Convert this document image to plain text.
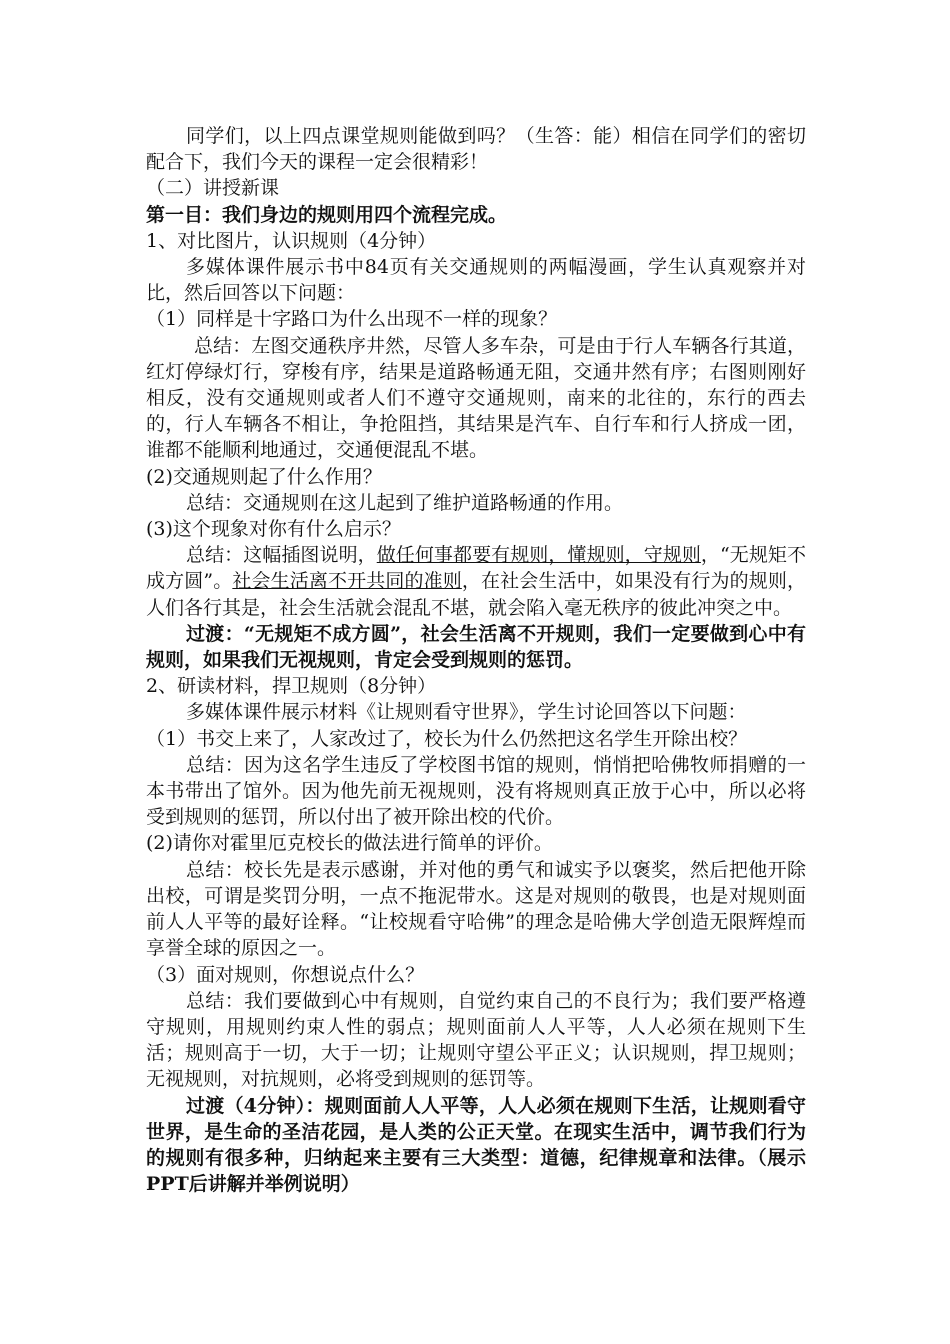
同学们，以上四点课堂规则能做到吗？（生答：能）相信在同学们的密切配合下，我们今天的课程一定会很精彩！

（二）讲授新课

第一目：我们身边的规则用四个流程完成。

1、对比图片，认识规则（4分钟）

多媒体课件展示书中84页有关交通规则的两幅漫画，学生认真观察并对比，然后回答以下问题：

（1）同样是十字路口为什么出现不一样的现象？

总结：左图交通秩序井然，尽管人多车杂，可是由于行人车辆各行其道，红灯停绿灯行，穿梭有序，结果是道路畅通无阻，交通井然有序；右图则刚好相反，没有交通规则或者人们不遵守交通规则，南来的北往的，东行的西去的，行人车辆各不相让，争抢阻挡，其结果是汽车、自行车和行人挤成一团，谁都不能顺利地通过，交通便混乱不堪。

(2)交通规则起了什么作用？

总结：交通规则在这儿起到了维护道路畅通的作用。

(3)这个现象对你有什么启示？

总结：这幅插图说明，做任何事都要有规则，懂规则，守规则，“无规矩不成方圆”。社会生活离不开共同的准则，在社会生活中，如果没有行为的规则，人们各行其是，社会生活就会混乱不堪，就会陷入毫无秩序的彼此冲突之中。

过渡：“无规矩不成方圆”，社会生活离不开规则，我们一定要做到心中有规则，如果我们无视规则，肯定会受到规则的惩罚。

2、研读材料，捍卫规则（8分钟）

多媒体课件展示材料《让规则看守世界》，学生讨论回答以下问题：

（1）书交上来了，人家改过了，校长为什么仍然把这名学生开除出校？

总结：因为这名学生违反了学校图书馆的规则，悄悄把哈佛牧师捐赠的一本书带出了馆外。因为他先前无视规则，没有将规则真正放于心中，所以必将受到规则的惩罚，所以付出了被开除出校的代价。

(2)请你对霍里厄克校长的做法进行简单的评价。

总结：校长先是表示感谢，并对他的勇气和诚实予以褒奖，然后把他开除出校，可谓是奖罚分明，一点不拖泥带水。这是对规则的敬畏，也是对规则面前人人平等的最好诠释。“让校规看守哈佛”的理念是哈佛大学创造无限辉煌而享誉全球的原因之一。

（3）面对规则，你想说点什么？

总结：我们要做到心中有规则，自觉约束自己的不良行为；我们要严格遵守规则，用规则约束人性的弱点；规则面前人人平等，人人必须在规则下生活；规则高于一切，大于一切；让规则守望公平正义；认识规则，捍卫规则；无视规则，对抗规则，必将受到规则的惩罚等。

过渡（4分钟）：规则面前人人平等，人人必须在规则下生活，让规则看守世界，是生命的圣洁花园，是人类的公正天堂。在现实生活中，调节我们行为的规则有很多种，归纳起来主要有三大类型：道德，纪律规章和法律。（展示PPT后讲解并举例说明）
